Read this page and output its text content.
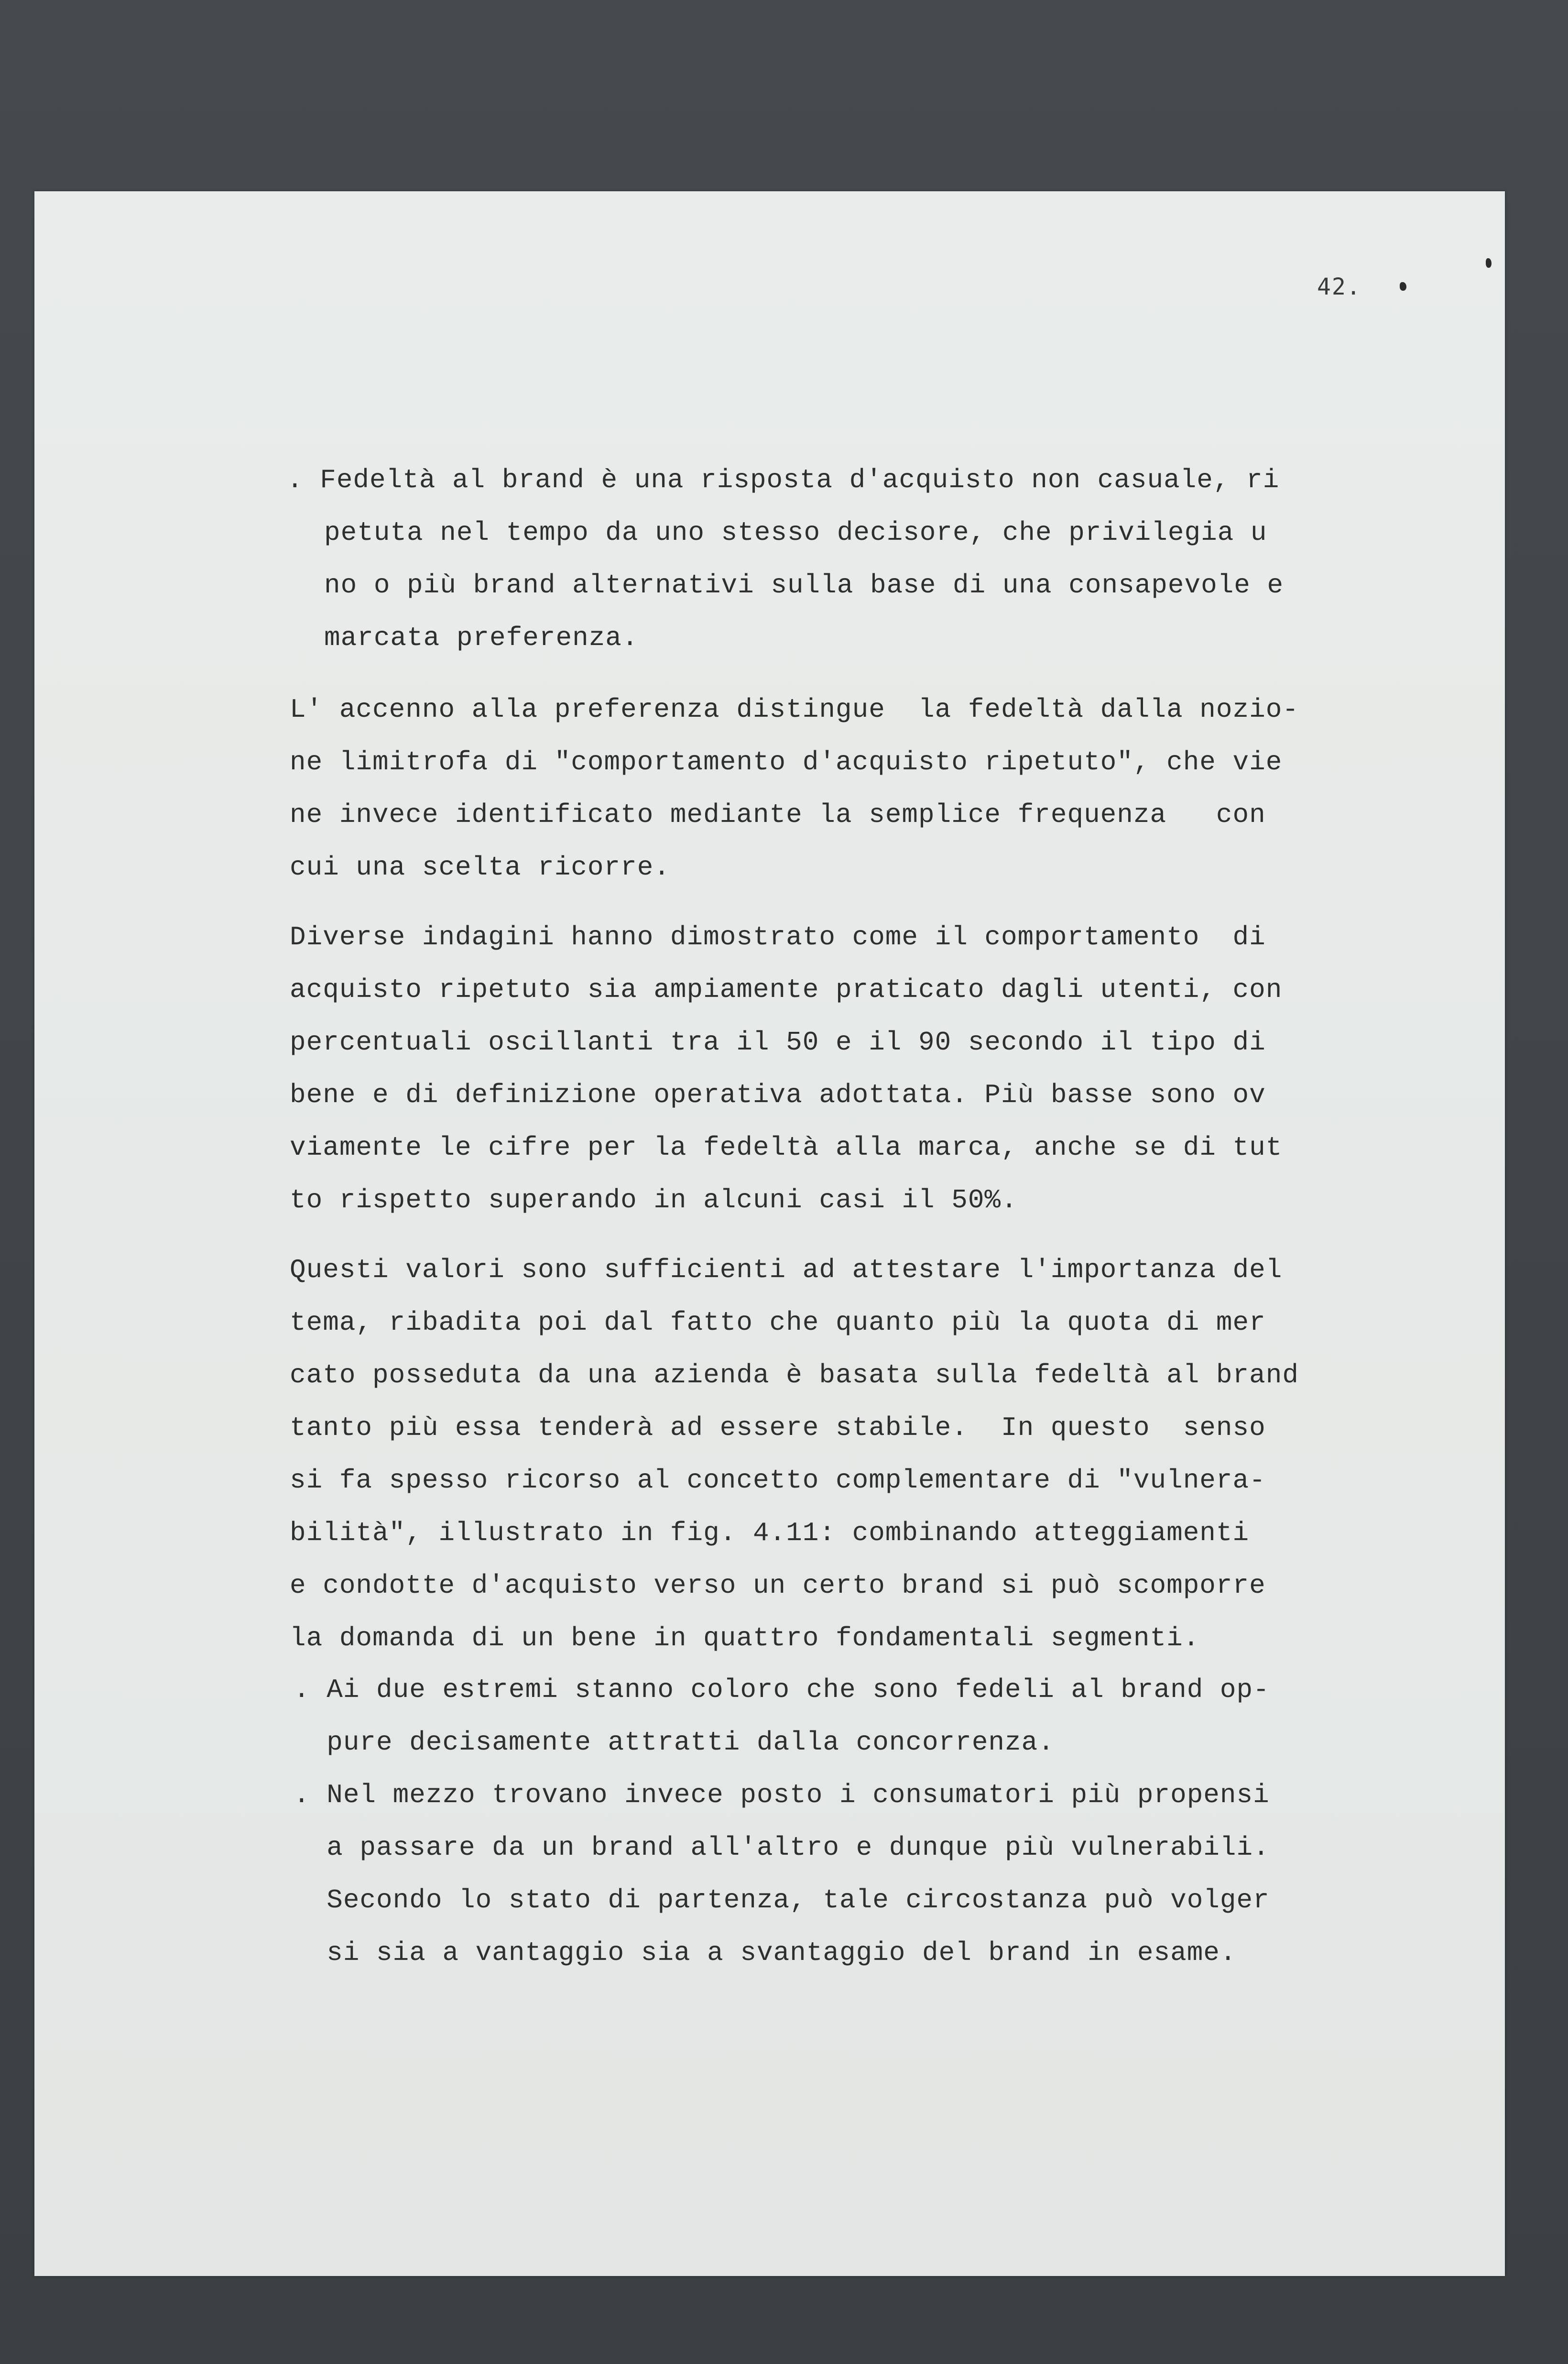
42.
. Fedeltà al brand è una risposta d'acquisto non casuale, ri
petuta nel tempo da uno stesso decisore, che privilegia u
no o più brand alternativi sulla base di una consapevole e
marcata preferenza.
L' accenno alla preferenza distingue  la fedeltà dalla nozio-
ne limitrofa di "comportamento d'acquisto ripetuto", che vie
ne invece identificato mediante la semplice frequenza   con
cui una scelta ricorre.
Diverse indagini hanno dimostrato come il comportamento  di
acquisto ripetuto sia ampiamente praticato dagli utenti, con
percentuali oscillanti tra il 50 e il 90 secondo il tipo di
bene e di definizione operativa adottata. Più basse sono ov
viamente le cifre per la fedeltà alla marca, anche se di tut
to rispetto superando in alcuni casi il 50%.
Questi valori sono sufficienti ad attestare l'importanza del
tema, ribadita poi dal fatto che quanto più la quota di mer
cato posseduta da una azienda è basata sulla fedeltà al brand
tanto più essa tenderà ad essere stabile.  In questo  senso
si fa spesso ricorso al concetto complementare di "vulnera-
bilità", illustrato in fig. 4.11: combinando atteggiamenti
e condotte d'acquisto verso un certo brand si può scomporre
la domanda di un bene in quattro fondamentali segmenti.
. Ai due estremi stanno coloro che sono fedeli al brand op-
pure decisamente attratti dalla concorrenza.
. Nel mezzo trovano invece posto i consumatori più propensi
a passare da un brand all'altro e dunque più vulnerabili.
Secondo lo stato di partenza, tale circostanza può volger
si sia a vantaggio sia a svantaggio del brand in esame.
